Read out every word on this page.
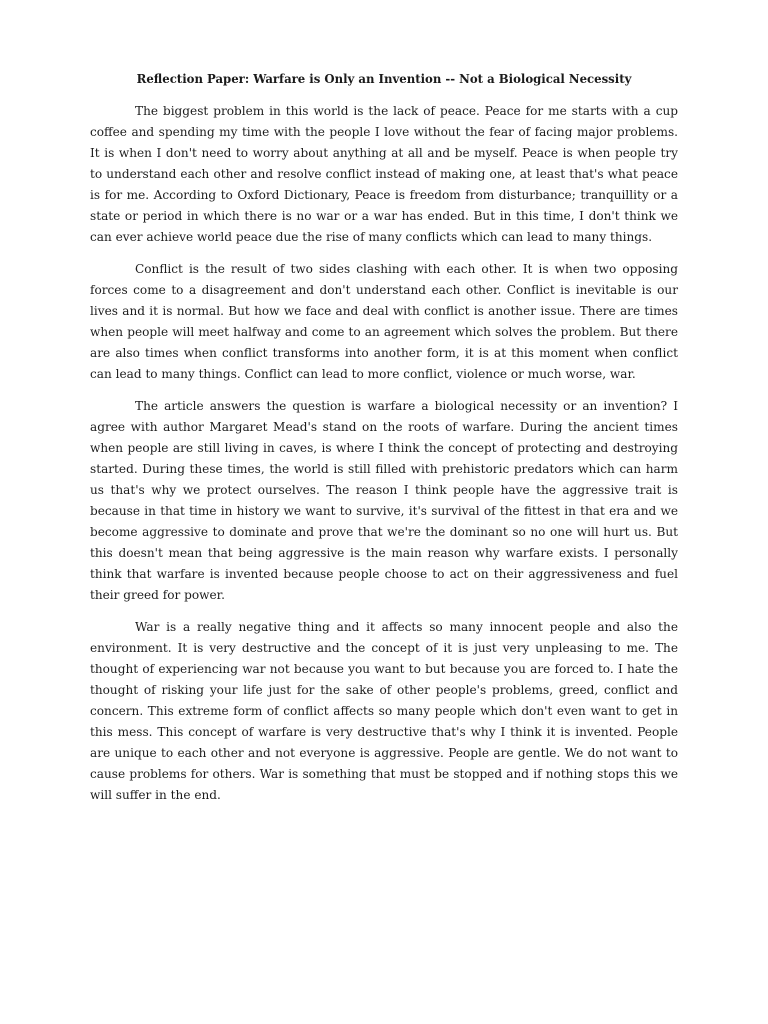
Reflection Paper: Warfare is Only an Invention -- Not a Biological Necessity

The biggest problem in this world is the lack of peace. Peace for me starts with a cup coffee and spending my time with the people I love without the fear of facing major problems. It is when I don't need to worry about anything at all and be myself. Peace is when people try to understand each other and resolve conflict instead of making one, at least that's what peace is for me. According to Oxford Dictionary, Peace is freedom from disturbance; tranquillity or a state or period in which there is no war or a war has ended. But in this time, I don't think we can ever achieve world peace due the rise of many conflicts which can lead to many things.

Conflict is the result of two sides clashing with each other. It is when two opposing forces come to a disagreement and don't understand each other. Conflict is inevitable is our lives and it is normal. But how we face and deal with conflict is another issue. There are times when people will meet halfway and come to an agreement which solves the problem. But there are also times when conflict transforms into another form, it is at this moment when conflict can lead to many things. Conflict can lead to more conflict, violence or much worse, war.

The article answers the question is warfare a biological necessity or an invention? I agree with author Margaret Mead's stand on the roots of warfare. During the ancient times when people are still living in caves, is where I think the concept of protecting and destroying started. During these times, the world is still filled with prehistoric predators which can harm us that's why we protect ourselves. The reason I think people have the aggressive trait is because in that time in history we want to survive, it's survival of the fittest in that era and we become aggressive to dominate and prove that we're the dominant so no one will hurt us. But this doesn't mean that being aggressive is the main reason why warfare exists. I personally think that warfare is invented because people choose to act on their aggressiveness and fuel their greed for power.

War is a really negative thing and it affects so many innocent people and also the environment. It is very destructive and the concept of it is just very unpleasing to me. The thought of experiencing war not because you want to but because you are forced to. I hate the thought of risking your life just for the sake of other people's problems, greed, conflict and concern. This extreme form of conflict affects so many people which don't even want to get in this mess. This concept of warfare is very destructive that's why I think it is invented. People are unique to each other and not everyone is aggressive. People are gentle. We do not want to cause problems for others. War is something that must be stopped and if nothing stops this we will suffer in the end.
